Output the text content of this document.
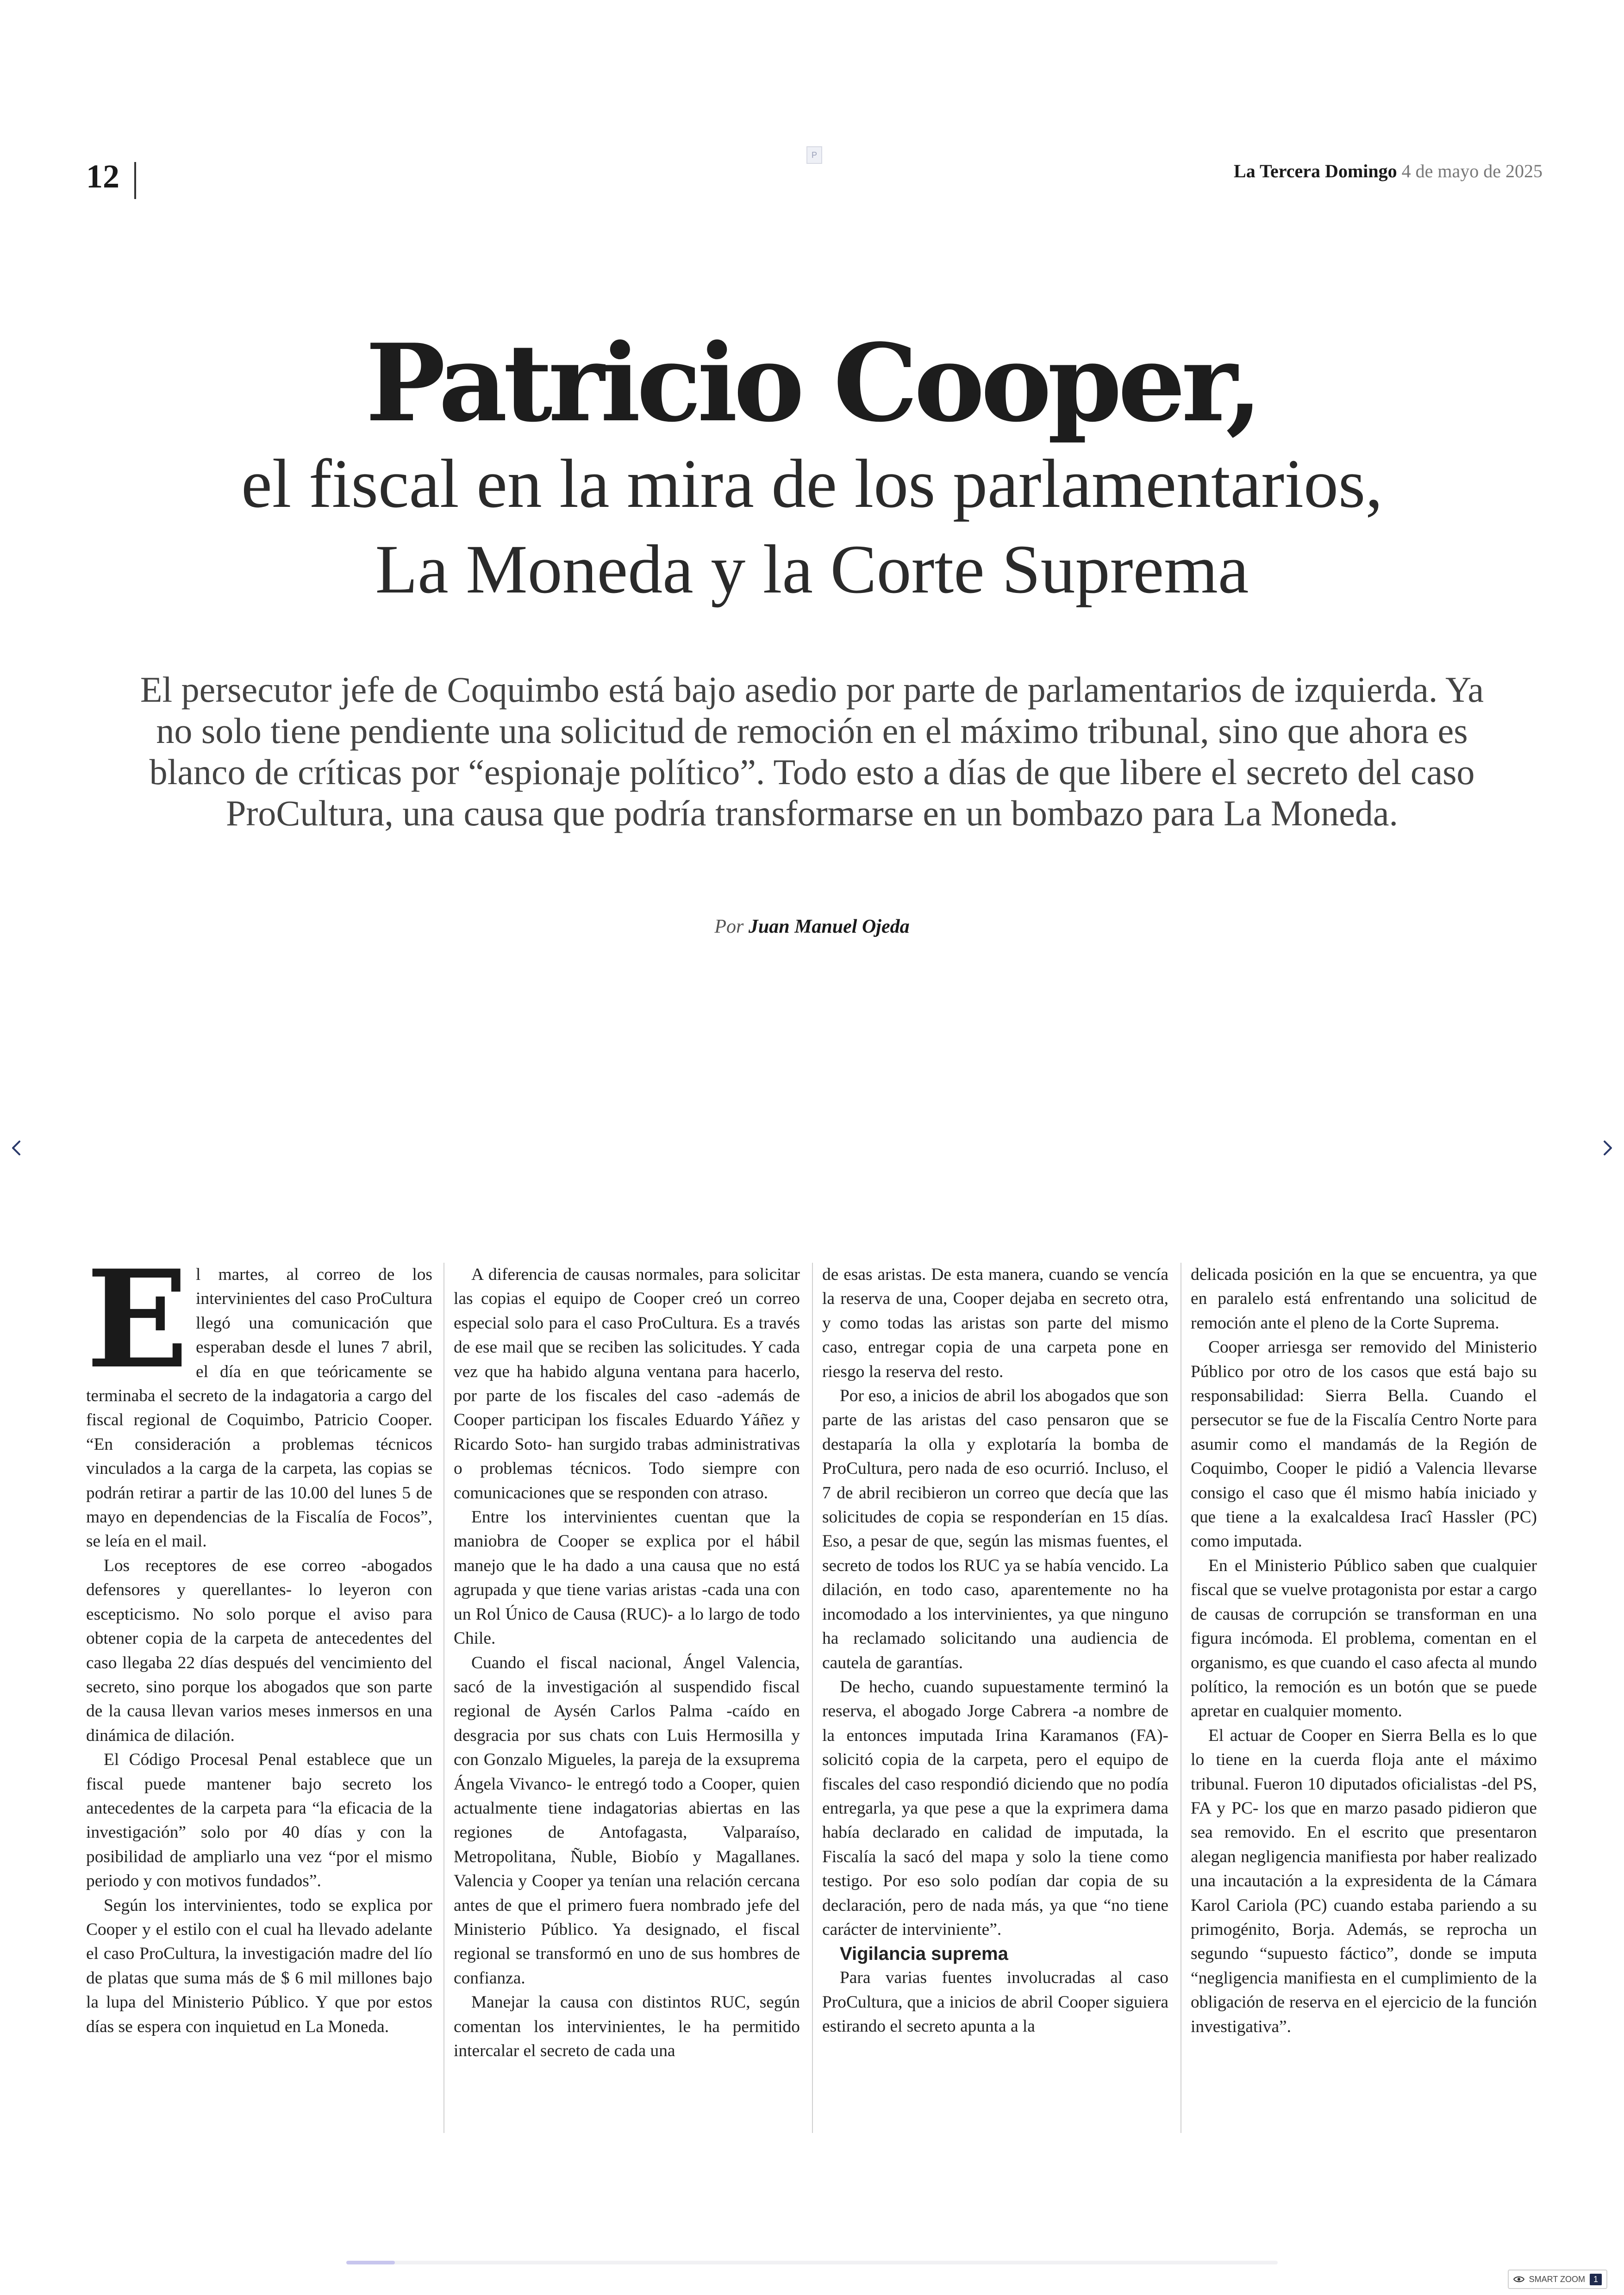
12
P
La Tercera Domingo 4 de mayo de 2025
Patricio Cooper,
el fiscal en la mira de los parlamentarios,
La Moneda y la Corte Suprema
El persecutor jefe de Coquimbo está bajo asedio por parte de parlamentarios de izquierda. Ya no solo tiene pendiente una solicitud de remoción en el máximo tribunal, sino que ahora es blanco de críticas por “espionaje político”. Todo esto a días de que libere el secreto del caso ProCultura, una causa que podría transformarse en un bombazo para La Moneda.
Por Juan Manuel Ojeda
E l martes, al correo de los intervinientes del caso ProCultura llegó una comunicación que esperaban desde el lunes 7 abril, el día en que teóricamente se terminaba el secreto de la indagatoria a cargo del fiscal regional de Coquimbo, Patricio Cooper. “En consideración a problemas técnicos vinculados a la carga de la carpeta, las copias se podrán retirar a partir de las 10.00 del lunes 5 de mayo en dependencias de la Fiscalía de Focos”, se leía en el mail.

Los receptores de ese correo -abogados defensores y querellantes- lo leyeron con escepticismo. No solo porque el aviso para obtener copia de la carpeta de antecedentes del caso llegaba 22 días después del vencimiento del secreto, sino porque los abogados que son parte de la causa llevan varios meses inmersos en una dinámica de dilación.

El Código Procesal Penal establece que un fiscal puede mantener bajo secreto los antecedentes de la carpeta para “la eficacia de la investigación” solo por 40 días y con la posibilidad de ampliarlo una vez “por el mismo periodo y con motivos fundados”.

Según los intervinientes, todo se explica por Cooper y el estilo con el cual ha llevado adelante el caso ProCultura, la investigación madre del lío de platas que suma más de $ 6 mil millones bajo la lupa del Ministerio Público. Y que por estos días se espera con inquietud en La Moneda.

A diferencia de causas normales, para solicitar las copias el equipo de Cooper creó un correo especial solo para el caso ProCultura. Es a través de ese mail que se reciben las solicitudes. Y cada vez que ha habido alguna ventana para hacerlo, por parte de los fiscales del caso -además de Cooper participan los fiscales Eduardo Yáñez y Ricardo Soto- han surgido trabas administrativas o problemas técnicos. Todo siempre con comunicaciones que se responden con atraso.

Entre los intervinientes cuentan que la maniobra de Cooper se explica por el hábil manejo que le ha dado a una causa que no está agrupada y que tiene varias aristas -cada una con un Rol Único de Causa (RUC)- a lo largo de todo Chile.

Cuando el fiscal nacional, Ángel Valencia, sacó de la investigación al suspendido fiscal regional de Aysén Carlos Palma -caído en desgracia por sus chats con Luis Hermosilla y con Gonzalo Migueles, la pareja de la exsuprema Ángela Vivanco- le entregó todo a Cooper, quien actualmente tiene indagatorias abiertas en las regiones de Antofagasta, Valparaíso, Metropolitana, Ñuble, Biobío y Magallanes. Valencia y Cooper ya tenían una relación cercana antes de que el primero fuera nombrado jefe del Ministerio Público. Ya designado, el fiscal regional se transformó en uno de sus hombres de confianza.

Manejar la causa con distintos RUC, según comentan los intervinientes, le ha permitido intercalar el secreto de cada una

de esas aristas. De esta manera, cuando se vencía la reserva de una, Cooper dejaba en secreto otra, y como todas las aristas son parte del mismo caso, entregar copia de una carpeta pone en riesgo la reserva del resto.

Por eso, a inicios de abril los abogados que son parte de las aristas del caso pensaron que se destaparía la olla y explotaría la bomba de ProCultura, pero nada de eso ocurrió. Incluso, el 7 de abril recibieron un correo que decía que las solicitudes de copia se responderían en 15 días. Eso, a pesar de que, según las mismas fuentes, el secreto de todos los RUC ya se había vencido. La dilación, en todo caso, aparentemente no ha incomodado a los intervinientes, ya que ninguno ha reclamado solicitando una audiencia de cautela de garantías.

De hecho, cuando supuestamente terminó la reserva, el abogado Jorge Cabrera -a nombre de la entonces imputada Irina Karamanos (FA)- solicitó copia de la carpeta, pero el equipo de fiscales del caso respondió diciendo que no podía entregarla, ya que pese a que la exprimera dama había declarado en calidad de imputada, la Fiscalía la sacó del mapa y solo la tiene como testigo. Por eso solo podían dar copia de su declaración, pero de nada más, ya que “no tiene carácter de interviniente”.

Vigilancia suprema

Para varias fuentes involucradas al caso ProCultura, que a inicios de abril Cooper siguiera estirando el secreto apunta a la

delicada posición en la que se encuentra, ya que en paralelo está enfrentando una solicitud de remoción ante el pleno de la Corte Suprema.

Cooper arriesga ser removido del Ministerio Público por otro de los casos que está bajo su responsabilidad: Sierra Bella. Cuando el persecutor se fue de la Fiscalía Centro Norte para asumir como el mandamás de la Región de Coquimbo, Cooper le pidió a Valencia llevarse consigo el caso que él mismo había iniciado y que tiene a la exalcaldesa Iracî Hassler (PC) como imputada.

En el Ministerio Público saben que cualquier fiscal que se vuelve protagonista por estar a cargo de causas de corrupción se transforman en una figura incómoda. El problema, comentan en el organismo, es que cuando el caso afecta al mundo político, la remoción es un botón que se puede apretar en cualquier momento.

El actuar de Cooper en Sierra Bella es lo que lo tiene en la cuerda floja ante el máximo tribunal. Fueron 10 diputados oficialistas -del PS, FA y PC- los que en marzo pasado pidieron que sea removido. En el escrito que presentaron alegan negligencia manifiesta por haber realizado una incautación a la expresidenta de la Cámara Karol Cariola (PC) cuando estaba pariendo a su primogénito, Borja. Además, se reprocha un segundo “supuesto fáctico”, donde se imputa “negligencia manifiesta en el cumplimiento de la obligación de reserva en el ejercicio de la función investigativa”.

SMART ZOOM	1
